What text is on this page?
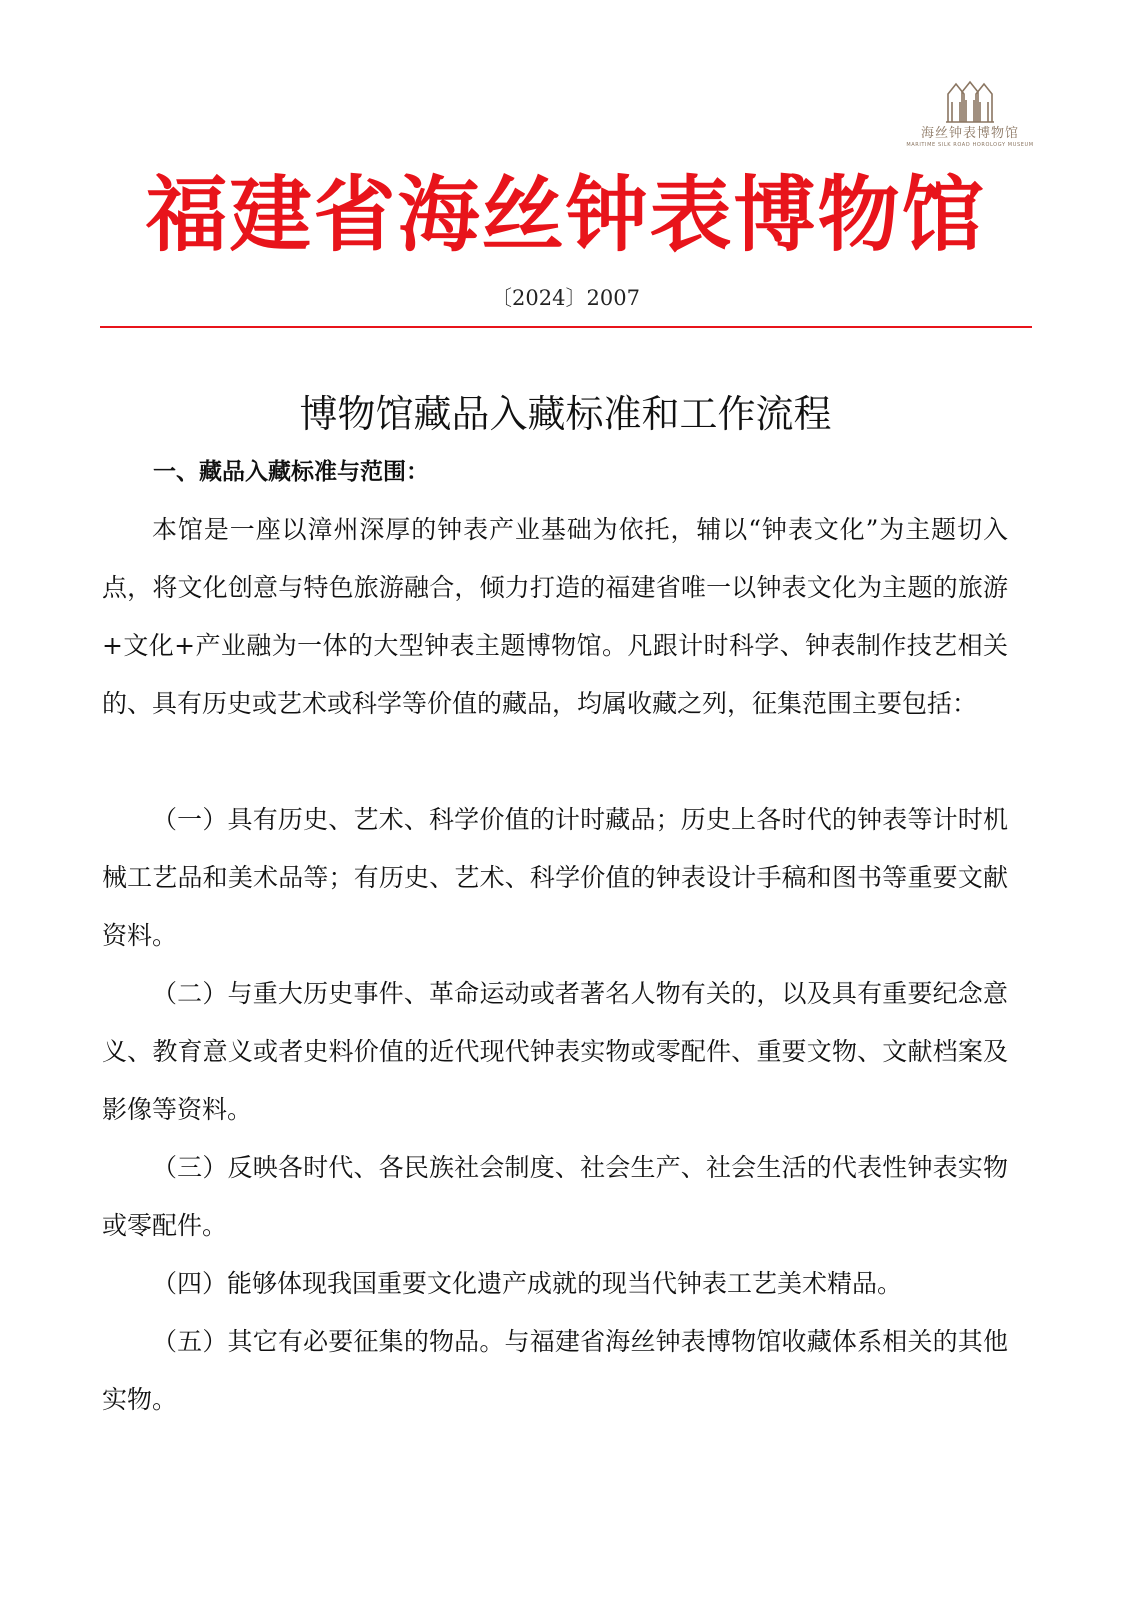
海丝钟表博物馆
MARITIME SILK ROAD HOROLOGY MUSEUM
福建省海丝钟表博物馆
〔2024〕2007
博物馆藏品入藏标准和工作流程
一、藏品入藏标准与范围：

本馆是一座以漳州深厚的钟表产业基础为依托，辅以“钟表文化”为主题切入点，将文化创意与特色旅游融合，倾力打造的福建省唯一以钟表文化为主题的旅游+文化+产业融为一体的大型钟表主题博物馆。凡跟计时科学、钟表制作技艺相关的、具有历史或艺术或科学等价值的藏品，均属收藏之列，征集范围主要包括：

（一）具有历史、艺术、科学价值的计时藏品；历史上各时代的钟表等计时机械工艺品和美术品等；有历史、艺术、科学价值的钟表设计手稿和图书等重要文献资料。

（二）与重大历史事件、革命运动或者著名人物有关的，以及具有重要纪念意义、教育意义或者史料价值的近代现代钟表实物或零配件、重要文物、文献档案及影像等资料。

（三）反映各时代、各民族社会制度、社会生产、社会生活的代表性钟表实物或零配件。

（四）能够体现我国重要文化遗产成就的现当代钟表工艺美术精品。

（五）其它有必要征集的物品。与福建省海丝钟表博物馆收藏体系相关的其他实物。
